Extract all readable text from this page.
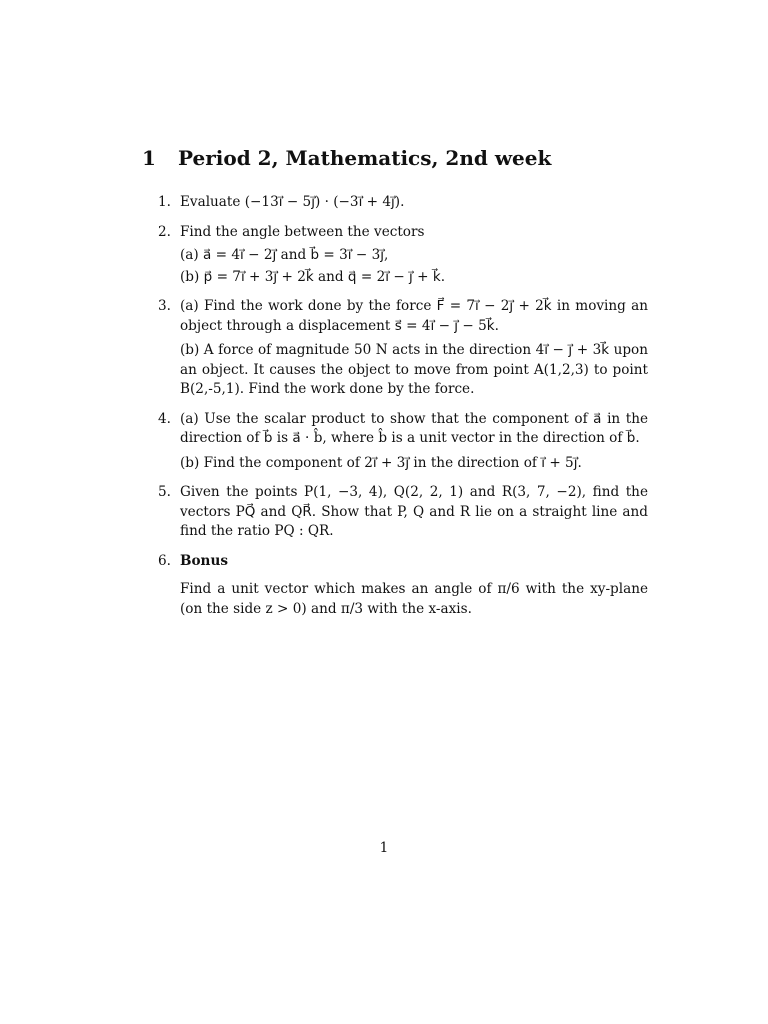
1 Period 2, Mathematics, 2nd week
1. Evaluate (−13i⃗ − 5j⃗) · (−3i⃗ + 4j⃗).

2. Find the angle between the vectors

(a) a⃗ = 4i⃗ − 2j⃗ and b⃗ = 3i⃗ − 3j⃗,

(b) p⃗ = 7i⃗ + 3j⃗ + 2k⃗ and q⃗ = 2i⃗ − j⃗ + k⃗.

3. (a) Find the work done by the force F⃗ = 7i⃗ − 2j⃗ + 2k⃗ in moving an object through a displacement s⃗ = 4i⃗ − j⃗ − 5k⃗.

(b) A force of magnitude 50 N acts in the direction 4i⃗ − j⃗ + 3k⃗ upon an object. It causes the object to move from point A(1,2,3) to point B(2,-5,1). Find the work done by the force.

4. (a) Use the scalar product to show that the component of a⃗ in the direction of b⃗ is a⃗ · b̂, where b̂ is a unit vector in the direction of b⃗.

(b) Find the component of 2i⃗ + 3j⃗ in the direction of i⃗ + 5j⃗.

5. Given the points P(1, −3, 4), Q(2, 2, 1) and R(3, 7, −2), find the vectors PQ⃗ and QR⃗. Show that P, Q and R lie on a straight line and find the ratio PQ : QR.

6. Bonus

Find a unit vector which makes an angle of π/6 with the xy-plane (on the side z > 0) and π/3 with the x-axis.

1
